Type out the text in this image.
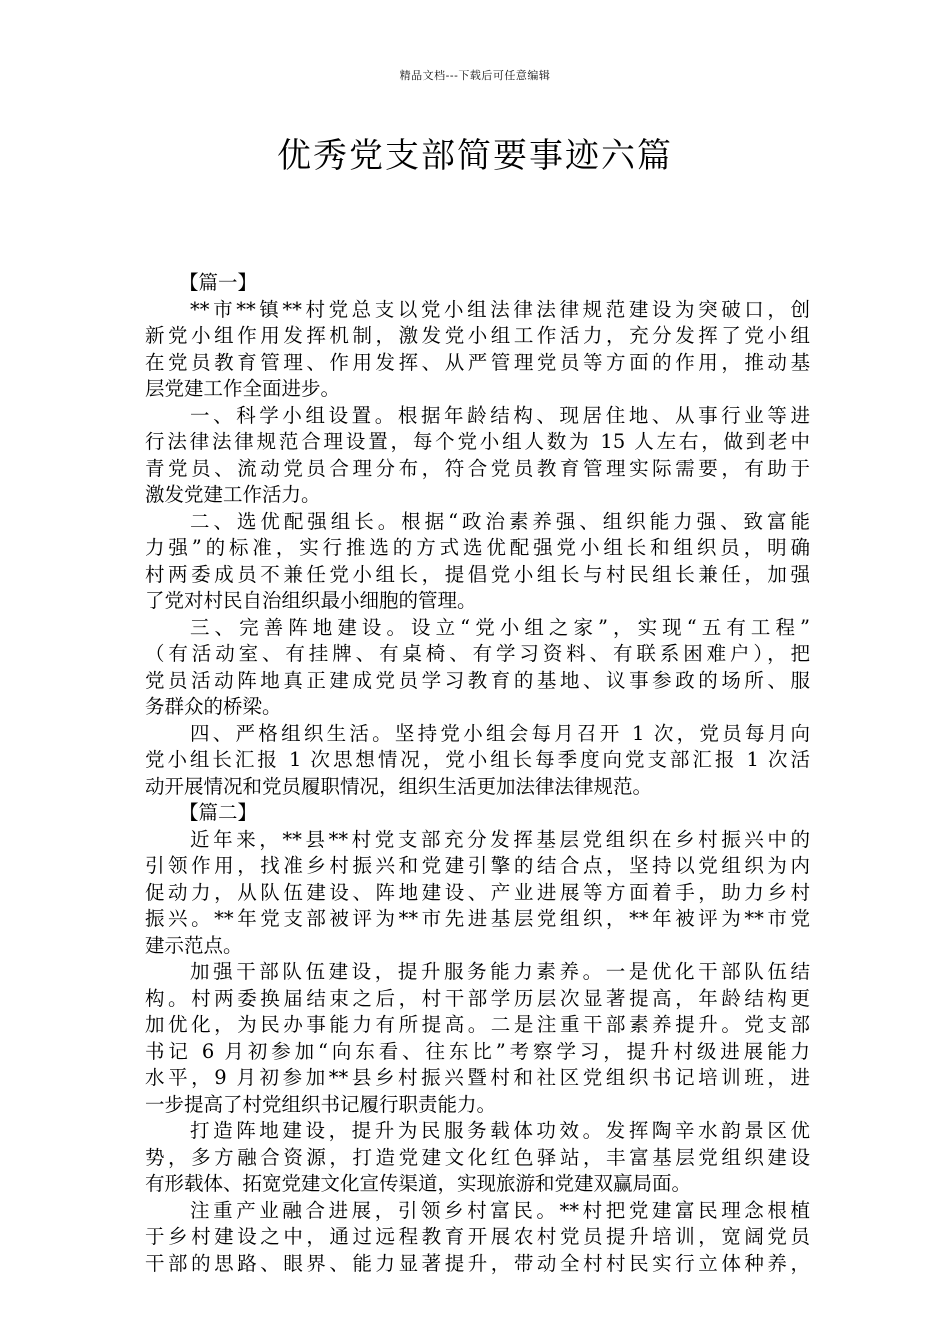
精品文档---下载后可任意编辑
优秀党支部简要事迹六篇
【篇一】
**市**镇**村党总支以党小组法律法律规范建设为突破口，创
新党小组作用发挥机制，激发党小组工作活力，充分发挥了党小组
在党员教育管理、作用发挥、从严管理党员等方面的作用，推动基
层党建工作全面进步。
一、科学小组设置。根据年龄结构、现居住地、从事行业等进
行法律法律规范合理设置，每个党小组人数为 15 人左右，做到老中
青党员、流动党员合理分布，符合党员教育管理实际需要，有助于
激发党建工作活力。
二、选优配强组长。根据“政治素养强、组织能力强、致富能
力强”的标准，实行推选的方式选优配强党小组长和组织员，明确
村两委成员不兼任党小组长，提倡党小组长与村民组长兼任，加强
了党对村民自治组织最小细胞的管理。
三、完善阵地建设。设立“党小组之家”，实现“五有工程”
（有活动室、有挂牌、有桌椅、有学习资料、有联系困难户），把
党员活动阵地真正建成党员学习教育的基地、议事参政的场所、服
务群众的桥梁。
四、严格组织生活。坚持党小组会每月召开 1 次，党员每月向
党小组长汇报 1 次思想情况，党小组长每季度向党支部汇报 1 次活
动开展情况和党员履职情况，组织生活更加法律法律规范。
【篇二】
近年来，**县**村党支部充分发挥基层党组织在乡村振兴中的
引领作用，找准乡村振兴和党建引擎的结合点，坚持以党组织为内
促动力，从队伍建设、阵地建设、产业进展等方面着手，助力乡村
振兴。**年党支部被评为**市先进基层党组织，**年被评为**市党
建示范点。
加强干部队伍建设，提升服务能力素养。一是优化干部队伍结
构。村两委换届结束之后，村干部学历层次显著提高，年龄结构更
加优化，为民办事能力有所提高。二是注重干部素养提升。党支部
书记 6 月初参加“向东看、往东比”考察学习，提升村级进展能力
水平，9 月初参加**县乡村振兴暨村和社区党组织书记培训班，进
一步提高了村党组织书记履行职责能力。
打造阵地建设，提升为民服务载体功效。发挥陶辛水韵景区优
势，多方融合资源，打造党建文化红色驿站，丰富基层党组织建设
有形载体、拓宽党建文化宣传渠道，实现旅游和党建双赢局面。
注重产业融合进展，引领乡村富民。**村把党建富民理念根植
于乡村建设之中，通过远程教育开展农村党员提升培训，宽阔党员
干部的思路、眼界、能力显著提升，带动全村村民实行立体种养，
